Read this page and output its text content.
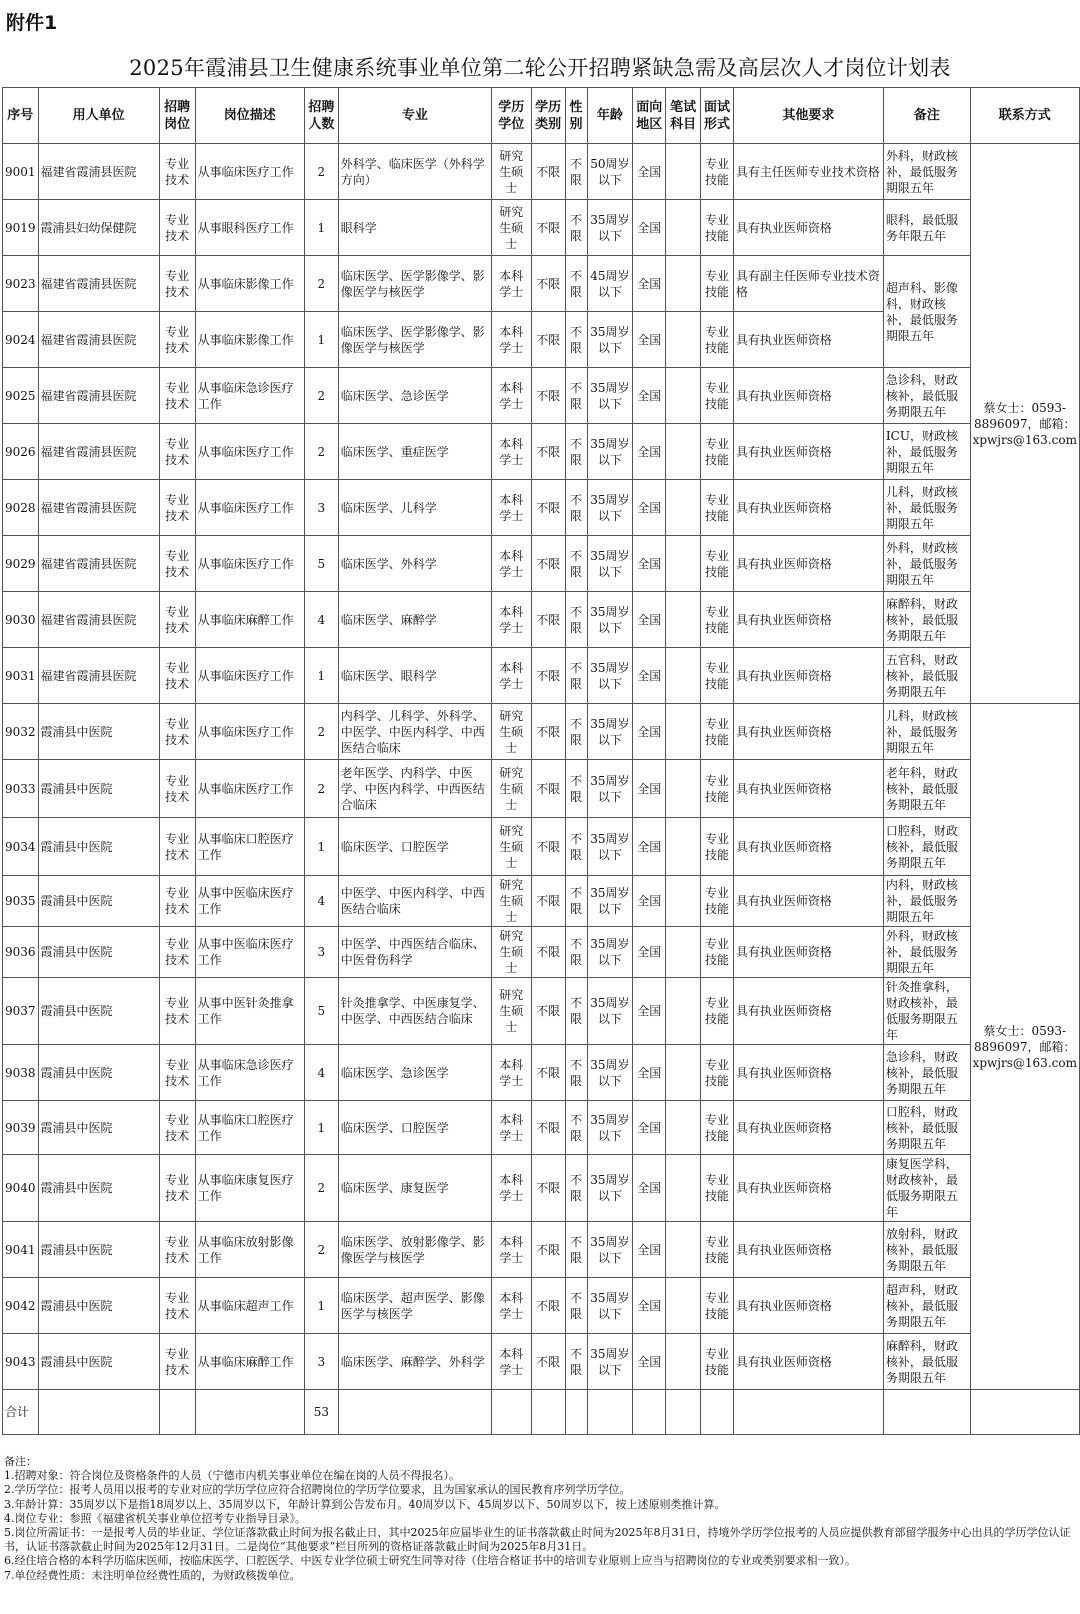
附件1
2025年霞浦县卫生健康系统事业单位第二轮公开招聘紧缺急需及高层次人才岗位计划表
序号	用人单位	招聘岗位	岗位描述	招聘人数	专业	学历学位	学历类别	性别	年龄	面向地区	笔试科目	面试形式	其他要求	备注	联系方式
9001	福建省霞浦县医院	专业技术	从事临床医疗工作	2	外科学、临床医学（外科学方向）	研究生硕士	不限	不限	50周岁以下	全国		专业技能	具有主任医师专业技术资格	外科，财政核补，最低服务期限五年	蔡女士：0593-8896097，邮箱：xpwjrs@163.com
9019	霞浦县妇幼保健院	专业技术	从事眼科医疗工作	1	眼科学	研究生硕士	不限	不限	35周岁以下	全国		专业技能	具有执业医师资格	眼科，最低服务年限五年	
9023	福建省霞浦县医院	专业技术	从事临床影像工作	2	临床医学、医学影像学、影像医学与核医学	本科学士	不限	不限	45周岁以下	全国		专业技能	具有副主任医师专业技术资格	超声科、影像科，财政核补，最低服务期限五年	
9024	福建省霞浦县医院	专业技术	从事临床影像工作	1	临床医学、医学影像学、影像医学与核医学	本科学士	不限	不限	35周岁以下	全国		专业技能	具有执业医师资格		
9025	福建省霞浦县医院	专业技术	从事临床急诊医疗工作	2	临床医学、急诊医学	本科学士	不限	不限	35周岁以下	全国		专业技能	具有执业医师资格	急诊科，财政核补，最低服务期限五年	
9026	福建省霞浦县医院	专业技术	从事临床医疗工作	2	临床医学、重症医学	本科学士	不限	不限	35周岁以下	全国		专业技能	具有执业医师资格	ICU，财政核补，最低服务期限五年	
9028	福建省霞浦县医院	专业技术	从事临床医疗工作	3	临床医学、儿科学	本科学士	不限	不限	35周岁以下	全国		专业技能	具有执业医师资格	儿科，财政核补，最低服务期限五年	
9029	福建省霞浦县医院	专业技术	从事临床医疗工作	5	临床医学、外科学	本科学士	不限	不限	35周岁以下	全国		专业技能	具有执业医师资格	外科，财政核补，最低服务期限五年	
9030	福建省霞浦县医院	专业技术	从事临床麻醉工作	4	临床医学、麻醉学	本科学士	不限	不限	35周岁以下	全国		专业技能	具有执业医师资格	麻醉科，财政核补，最低服务期限五年	
9031	福建省霞浦县医院	专业技术	从事临床医疗工作	1	临床医学、眼科学	本科学士	不限	不限	35周岁以下	全国		专业技能	具有执业医师资格	五官科，财政核补，最低服务期限五年	
9032	霞浦县中医院	专业技术	从事临床医疗工作	2	内科学、儿科学、外科学、中医学、中医内科学、中西医结合临床	研究生硕士	不限	不限	35周岁以下	全国		专业技能	具有执业医师资格	儿科，财政核补，最低服务期限五年	蔡女士：0593-8896097，邮箱：xpwjrs@163.com
9033	霞浦县中医院	专业技术	从事临床医疗工作	2	老年医学、内科学、中医学、中医内科学、中西医结合临床	研究生硕士	不限	不限	35周岁以下	全国		专业技能	具有执业医师资格	老年科，财政核补，最低服务期限五年	
9034	霞浦县中医院	专业技术	从事临床口腔医疗工作	1	临床医学、口腔医学	研究生硕士	不限	不限	35周岁以下	全国		专业技能	具有执业医师资格	口腔科，财政核补，最低服务期限五年	
9035	霞浦县中医院	专业技术	从事中医临床医疗工作	4	中医学、中医内科学、中西医结合临床	研究生硕士	不限	不限	35周岁以下	全国		专业技能	具有执业医师资格	内科，财政核补，最低服务期限五年	
9036	霞浦县中医院	专业技术	从事中医临床医疗工作	3	中医学、中西医结合临床、中医骨伤科学	研究生硕士	不限	不限	35周岁以下	全国		专业技能	具有执业医师资格	外科，财政核补，最低服务期限五年	
9037	霞浦县中医院	专业技术	从事中医针灸推拿工作	5	针灸推拿学、中医康复学、中医学、中西医结合临床	研究生硕士	不限	不限	35周岁以下	全国		专业技能	具有执业医师资格	针灸推拿科，财政核补，最低服务期限五年	
9038	霞浦县中医院	专业技术	从事临床急诊医疗工作	4	临床医学、急诊医学	本科学士	不限	不限	35周岁以下	全国		专业技能	具有执业医师资格	急诊科，财政核补，最低服务期限五年	
9039	霞浦县中医院	专业技术	从事临床口腔医疗工作	1	临床医学、口腔医学	本科学士	不限	不限	35周岁以下	全国		专业技能	具有执业医师资格	口腔科，财政核补，最低服务期限五年	
9040	霞浦县中医院	专业技术	从事临床康复医疗工作	2	临床医学、康复医学	本科学士	不限	不限	35周岁以下	全国		专业技能	具有执业医师资格	康复医学科，财政核补，最低服务期限五年	
9041	霞浦县中医院	专业技术	从事临床放射影像工作	2	临床医学、放射影像学、影像医学与核医学	本科学士	不限	不限	35周岁以下	全国		专业技能	具有执业医师资格	放射科，财政核补，最低服务期限五年	
9042	霞浦县中医院	专业技术	从事临床超声工作	1	临床医学、超声医学、影像医学与核医学	本科学士	不限	不限	35周岁以下	全国		专业技能	具有执业医师资格	超声科，财政核补，最低服务期限五年	
9043	霞浦县中医院	专业技术	从事临床麻醉工作	3	临床医学、麻醉学、外科学	本科学士	不限	不限	35周岁以下	全国		专业技能	具有执业医师资格	麻醉科，财政核补，最低服务期限五年	
合计				53											
备注：
1.招聘对象：符合岗位及资格条件的人员（宁德市内机关事业单位在编在岗的人员不得报名）。
2.学历学位：报考人员用以报考的专业对应的学历学位应符合招聘岗位的学历学位要求，且为国家承认的国民教育序列学历学位。
3.年龄计算：35周岁以下是指18周岁以上、35周岁以下，年龄计算到公告发布月。40周岁以下、45周岁以下、50周岁以下，按上述原则类推计算。
4.岗位专业：参照《福建省机关事业单位招考专业指导目录》。
5.岗位所需证书：一是报考人员的毕业证、学位证落款截止时间为报名截止日，其中2025年应届毕业生的证书落款截止时间为2025年8月31日，持境外学历学位报考的人员应提供教育部留学服务中心出具的学历学位认证书，认证书落款截止时间为2025年12月31日。二是岗位“其他要求”栏目所列的资格证落款截止时间为2025年8月31日。
6.经住培合格的本科学历临床医师，按临床医学、口腔医学、中医专业学位硕士研究生同等对待（住培合格证书中的培训专业原则上应当与招聘岗位的专业或类别要求相一致）。
7.单位经费性质：未注明单位经费性质的，为财政核拨单位。
